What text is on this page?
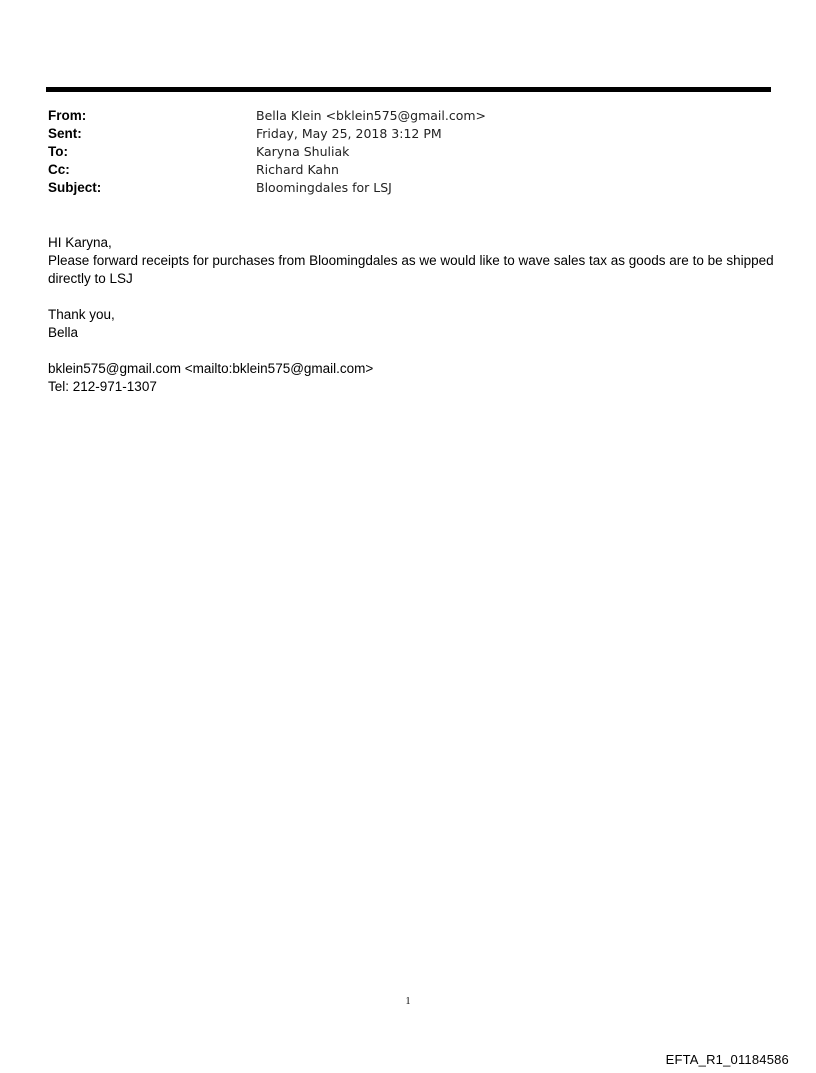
From:	Bella Klein <bklein575@gmail.com>
Sent:	Friday, May 25, 2018 3:12 PM
To:	Karyna Shuliak
Cc:	Richard Kahn
Subject:	Bloomingdales for LSJ

HI Karyna,

Please forward receipts for purchases from Bloomingdales as we would like to wave sales tax as goods are to be shipped directly to LSJ

Thank you,

Bella

bklein575@gmail.com <mailto:bklein575@gmail.com>

Tel: 212-971-1307

1
EFTA_R1_01184586
